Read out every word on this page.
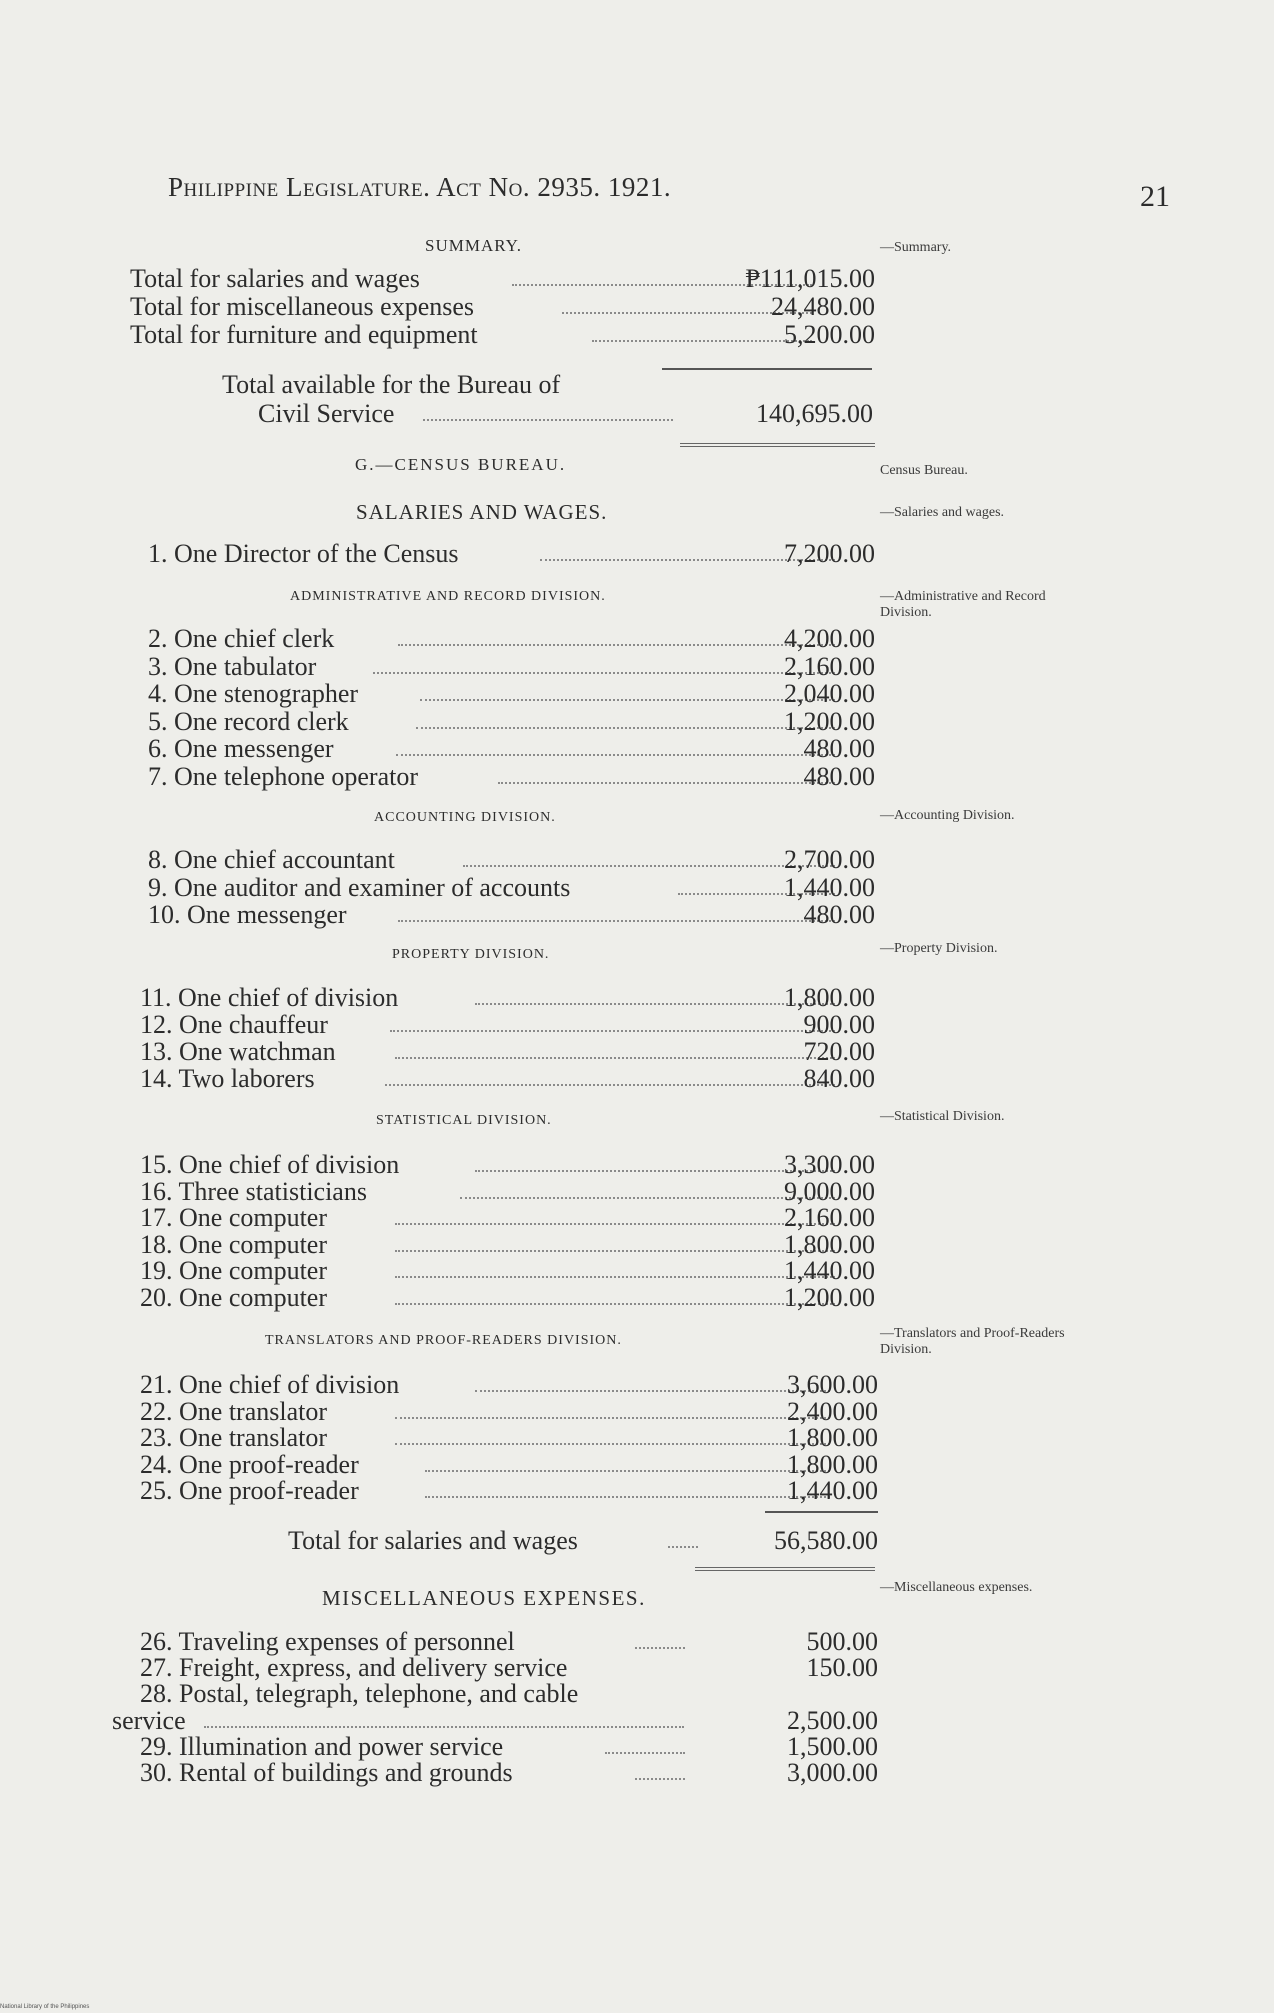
Philippine Legislature. Act No. 2935. 1921.	21
SUMMARY.	—Summary.
Total for salaries and wages	₱111,015.00
Total for miscellaneous expenses	24,480.00
Total for furniture and equipment	5,200.00
Total available for the Bureau of
Civil Service	140,695.00
G.—CENSUS BUREAU.	Census Bureau.
SALARIES AND WAGES.	—Salaries and wages.
1. One Director of the Census	7,200.00
ADMINISTRATIVE AND RECORD DIVISION.	—Administrative and Record Division.
2. One chief clerk	4,200.00
3. One tabulator	2,160.00
4. One stenographer	2,040.00
5. One record clerk	1,200.00
6. One messenger	480.00
7. One telephone operator	480.00
ACCOUNTING DIVISION.	—Accounting Division.
8. One chief accountant	2,700.00
9. One auditor and examiner of accounts	1,440.00
10. One messenger	480.00
PROPERTY DIVISION.	—Property Division.
11. One chief of division	1,800.00
12. One chauffeur	900.00
13. One watchman	720.00
14. Two laborers	840.00
STATISTICAL DIVISION.	—Statistical Division.
15. One chief of division	3,300.00
16. Three statisticians	9,000.00
17. One computer	2,160.00
18. One computer	1,800.00
19. One computer	1,440.00
20. One computer	1,200.00
TRANSLATORS AND PROOF-READERS DIVISION.	—Translators and Proof-Readers Division.
21. One chief of division	3,600.00
22. One translator	2,400.00
23. One translator	1,800.00
24. One proof-reader	1,800.00
25. One proof-reader	1,440.00
Total for salaries and wages	56,580.00
MISCELLANEOUS EXPENSES.	—Miscellaneous expenses.
26. Traveling expenses of personnel	500.00
27. Freight, express, and delivery service	150.00
28. Postal, telegraph, telephone, and cable
service	2,500.00
29. Illumination and power service	1,500.00
30. Rental of buildings and grounds	3,000.00
National Library of the Philippines
